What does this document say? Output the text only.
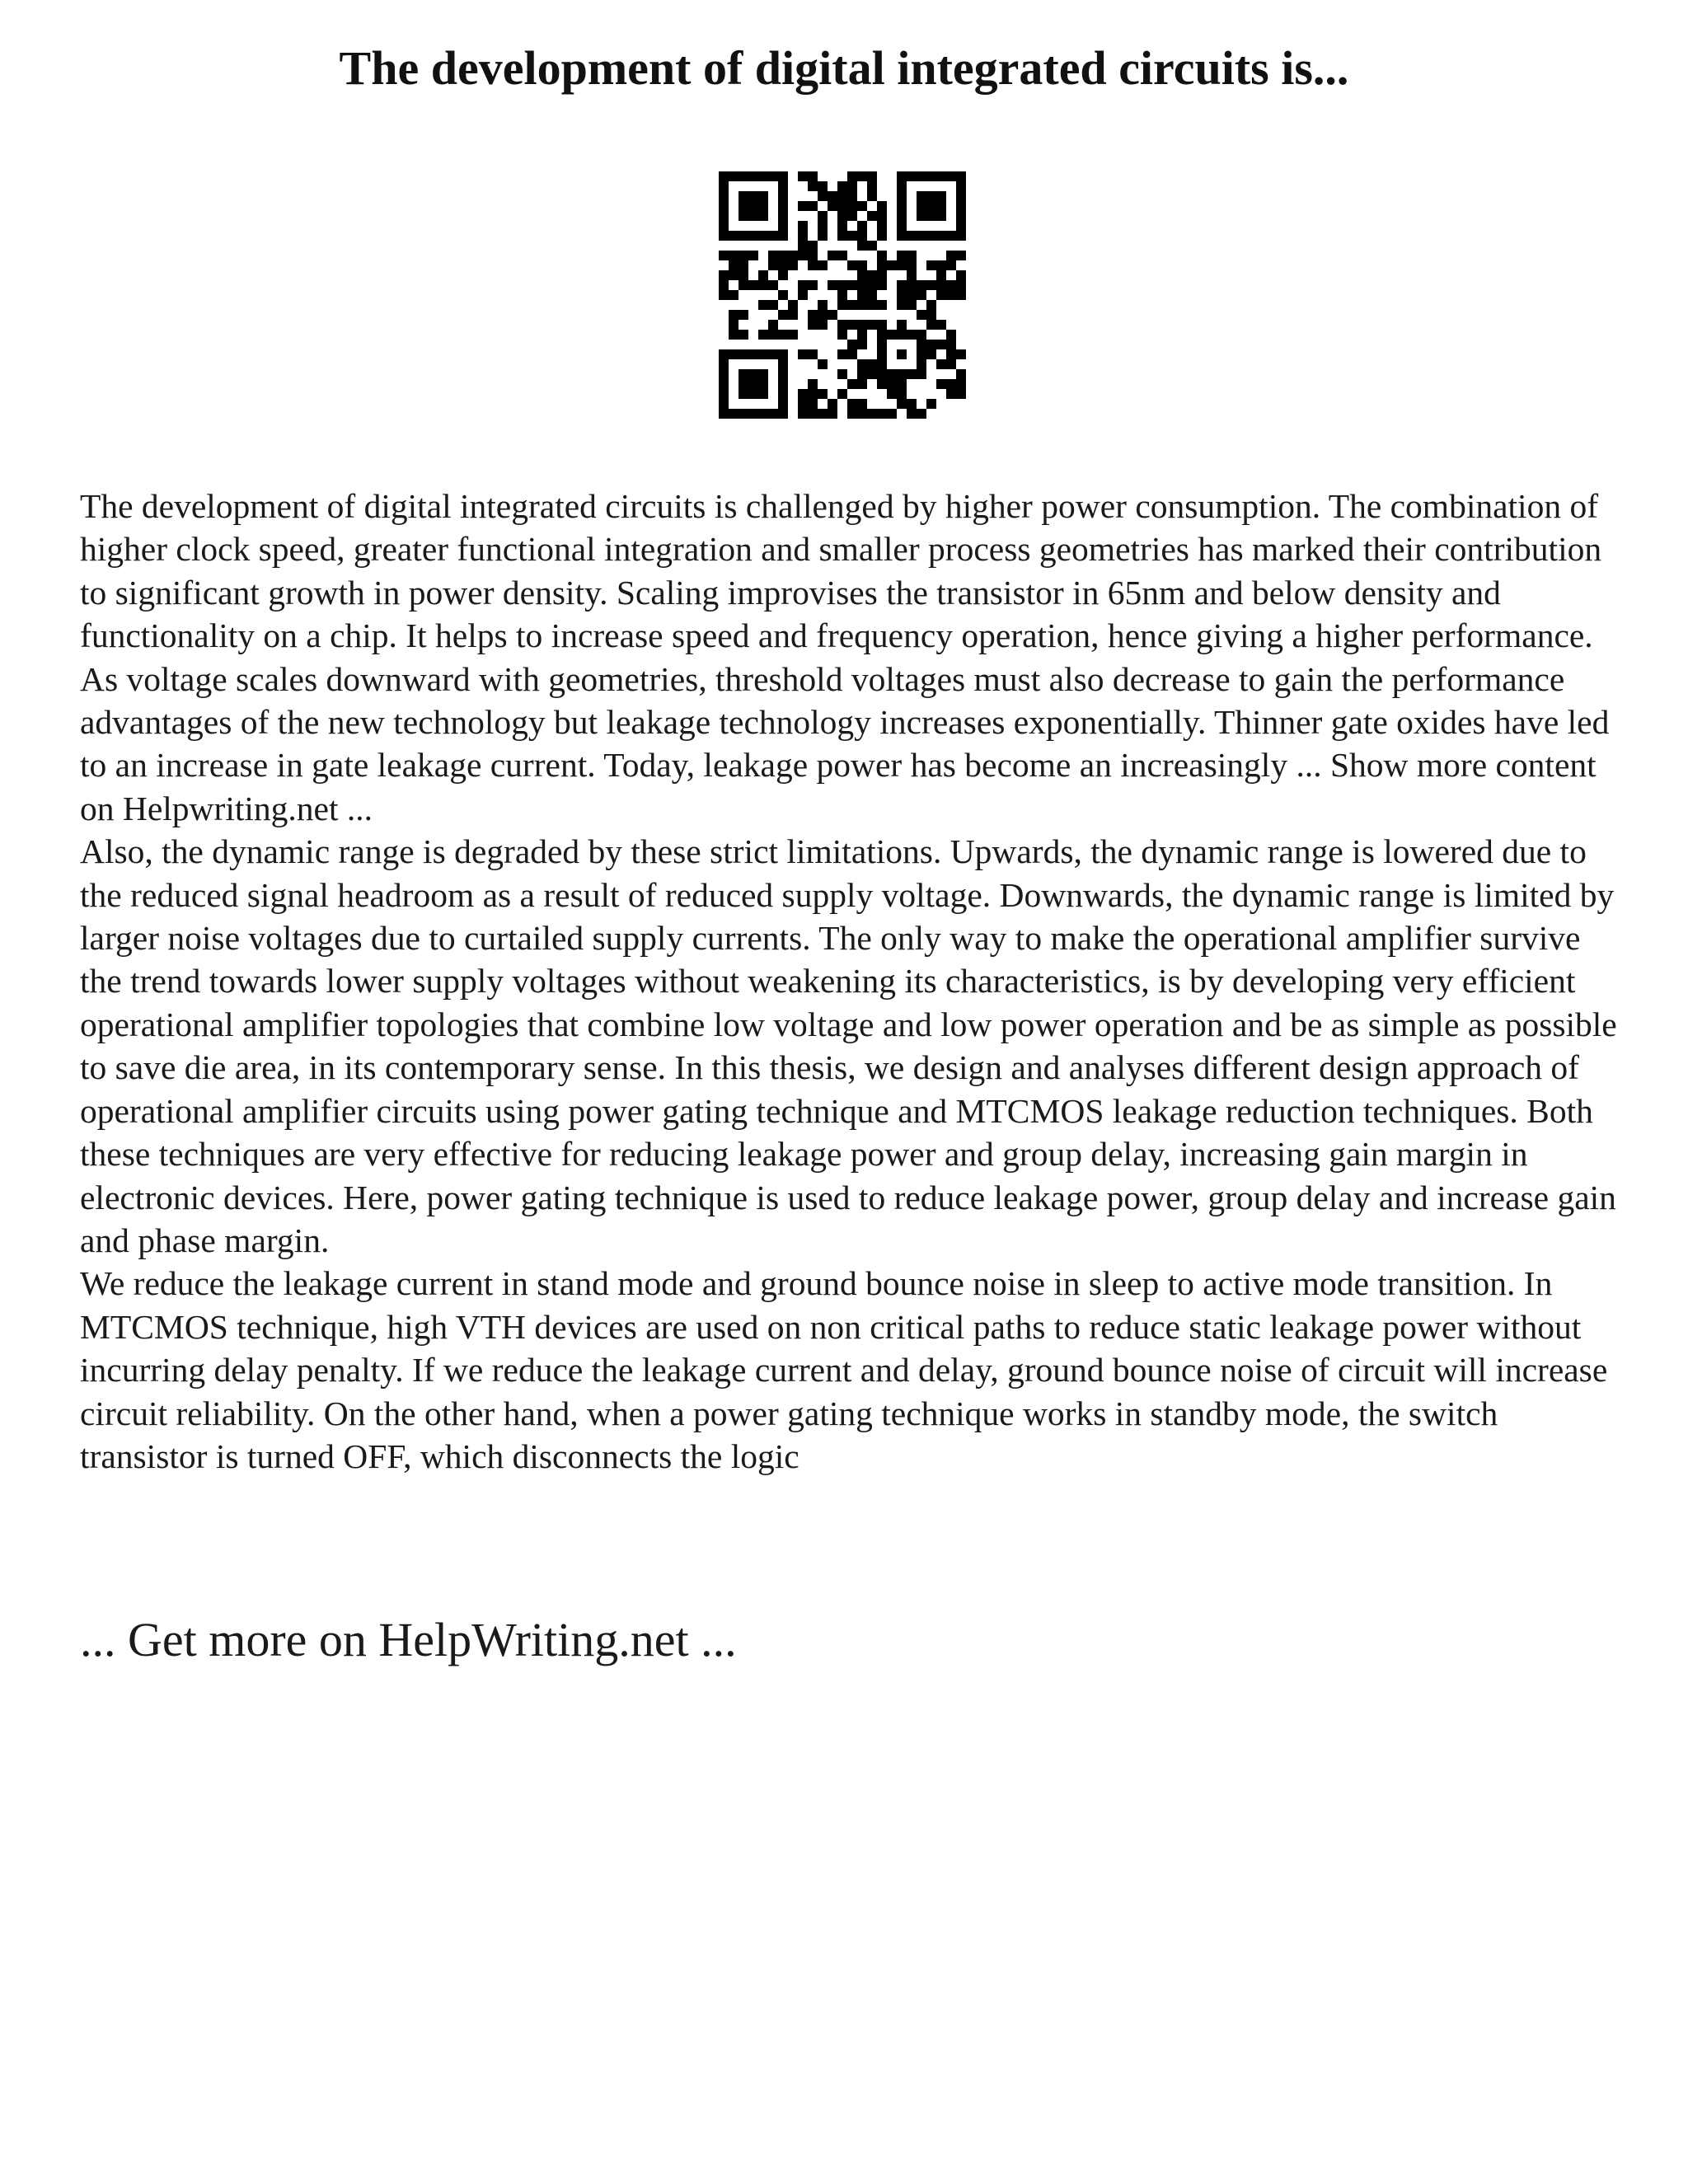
The development of digital integrated circuits is...

The development of digital integrated circuits is challenged by higher power consumption. The combination of higher clock speed, greater functional integration and smaller process geometries has marked their contribution to significant growth in power density. Scaling improvises the transistor in 65nm and below density and functionality on a chip. It helps to increase speed and frequency operation, hence giving a higher performance. As voltage scales downward with geometries, threshold voltages must also decrease to gain the performance advantages of the new technology but leakage technology increases exponentially. Thinner gate oxides have led to an increase in gate leakage current. Today, leakage power has become an increasingly ... Show more content on Helpwriting.net ...

Also, the dynamic range is degraded by these strict limitations. Upwards, the dynamic range is lowered due to the reduced signal headroom as a result of reduced supply voltage. Downwards, the dynamic range is limited by larger noise voltages due to curtailed supply currents. The only way to make the operational amplifier survive the trend towards lower supply voltages without weakening its characteristics, is by developing very efficient operational amplifier topologies that combine low voltage and low power operation and be as simple as possible to save die area, in its contemporary sense. In this thesis, we design and analyses different design approach of operational amplifier circuits using power gating technique and MTCMOS leakage reduction techniques. Both these techniques are very effective for reducing leakage power and group delay, increasing gain margin in electronic devices. Here, power gating technique is used to reduce leakage power, group delay and increase gain and phase margin.

We reduce the leakage current in stand mode and ground bounce noise in sleep to active mode transition. In MTCMOS technique, high VTH devices are used on non critical paths to reduce static leakage power without incurring delay penalty. If we reduce the leakage current and delay, ground bounce noise of circuit will increase circuit reliability. On the other hand, when a power gating technique works in standby mode, the switch transistor is turned OFF, which disconnects the logic

... Get more on HelpWriting.net ...
